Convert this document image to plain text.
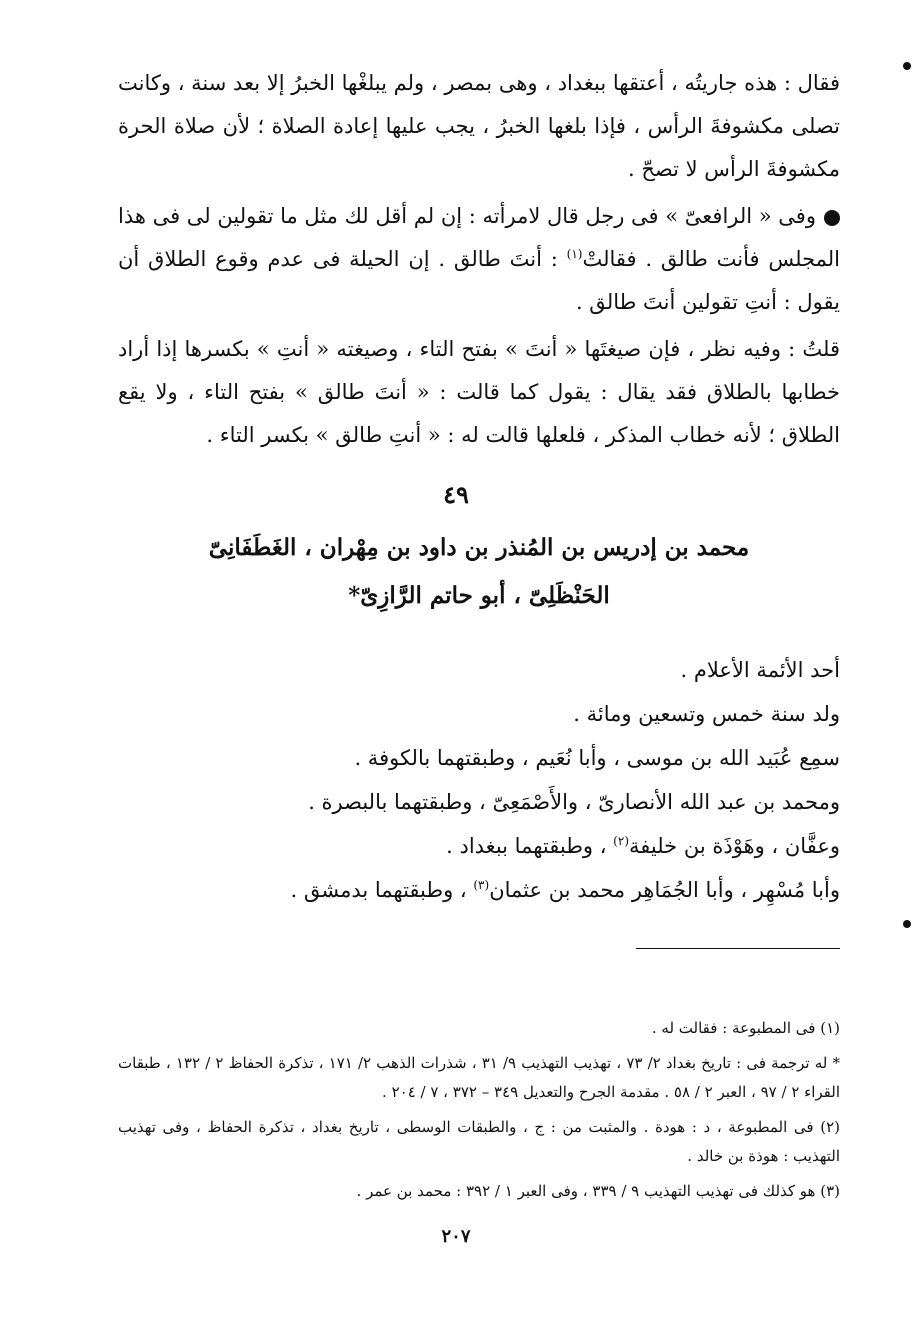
فقال : هذه جاريتُه ، أعتقها ببغداد ، وهى بمصر ، ولم يبلغْها الخبرُ إلا بعد سنة ، وكانت تصلى مكشوفةَ الرأس ، فإذا بلغها الخبرُ ، يجب عليها إعادة الصلاة ؛ لأن صلاة الحرة مكشوفةَ الرأس لا تصحّ .

وفى « الرافعىّ » فى رجل قال لامرأته : إن لم أقل لك مثل ما تقولين لى فى هذا المجلس فأنت طالق . فقالتْ$^{(١)}$ : أنتَ طالق . إن الحيلة فى عدم وقوع الطلاق أن يقول : أنتِ تقولين أنتَ طالق .

قلتُ : وفيه نظر ، فإن صيغتَها « أنتَ » بفتح التاء ، وصيغته « أنتِ » بكسرها إذا أراد خطابها بالطلاق فقد يقال : يقول كما قالت : « أنتَ طالق » بفتح التاء ، ولا يقع الطلاق ؛ لأنه خطاب المذكر ، فلعلها قالت له : « أنتِ طالق » بكسر التاء .

٤٩
محمد بن إدريس بن المُنذر بن داود بن مِهْران ، الغَطَفَانِىّ
الحَنْظَلِىّ ، أبو حاتم الرَّازِىّ*
أحد الأئمة الأعلام .
ولد سنة خمس وتسعين ومائة .
سمِع عُبَيد الله بن موسى ، وأبا نُعَيم ، وطبقتهما بالكوفة .
ومحمد بن عبد الله الأنصارىّ ، والأَصْمَعِىّ ، وطبقتهما بالبصرة .
وعفَّان ، وهَوْذَة بن خليفة$^{(٢)}$ ، وطبقتهما ببغداد .
وأبا مُسْهِر ، وأبا الجُمَاهِر محمد بن عثمان$^{(٣)}$ ، وطبقتهما بدمشق .

(١) فى المطبوعة : فقالت له .

* له ترجمة فى : تاريخ بغداد ٢/ ٧٣ ، تهذيب التهذيب ٩/ ٣١ ، شذرات الذهب ٢/ ١٧١ ، تذكرة الحفاظ ٢ / ١٣٢ ، طبقات القراء ٢ / ٩٧ ، العبر ٢ / ٥٨ . مقدمة الجرح والتعديل ٣٤٩ – ٣٧٢ ، ٧ / ٢٠٤ .

(٢) فى المطبوعة ، د : هودة . والمثبت من : ج ، والطبقات الوسطى ، تاريخ بغداد ، تذكرة الحفاظ ، وفى تهذيب التهذيب : هوذة بن خالد .

(٣) هو كذلك فى تهذيب التهذيب ٩ / ٣٣٩ ، وفى العبر ١ / ٣٩٢ : محمد بن عمر .

٢٠٧
